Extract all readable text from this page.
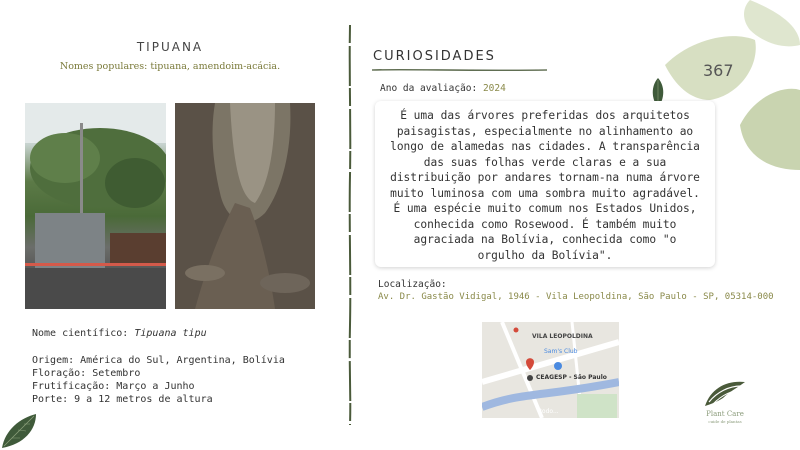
367
TIPUANA
Nomes populares: tipuana, amendoim-acácia.
Nome científico: Tipuana tipu
Origem: América do Sul, Argentina, Bolívia
Floração: Setembro
Frutificação: Março a Junho
Porte: 9 a 12 metros de altura
CURIOSIDADES
Ano da avaliação: 2024

É uma das árvores preferidas dos arquitetos paisagistas, especialmente no alinhamento ao longo de alamedas nas cidades. A transparência das suas folhas verde claras e a sua distribuição por andares tornam-na numa árvore muito luminosa com uma sombra muito agradável. É uma espécie muito comum nos Estados Unidos, conhecida como Rosewood. É também muito agraciada na Bolívia, conhecida como "o orgulho da Bolívia".

Localização:
Av. Dr. Gastão Vidigal, 1946 - Vila Leopoldina, São Paulo - SP, 05314-000
VILA LEOPOLDINA
Sam's Club
CEAGESP - São Paulo
Rodo...	Plant Care
cuide de plantas
